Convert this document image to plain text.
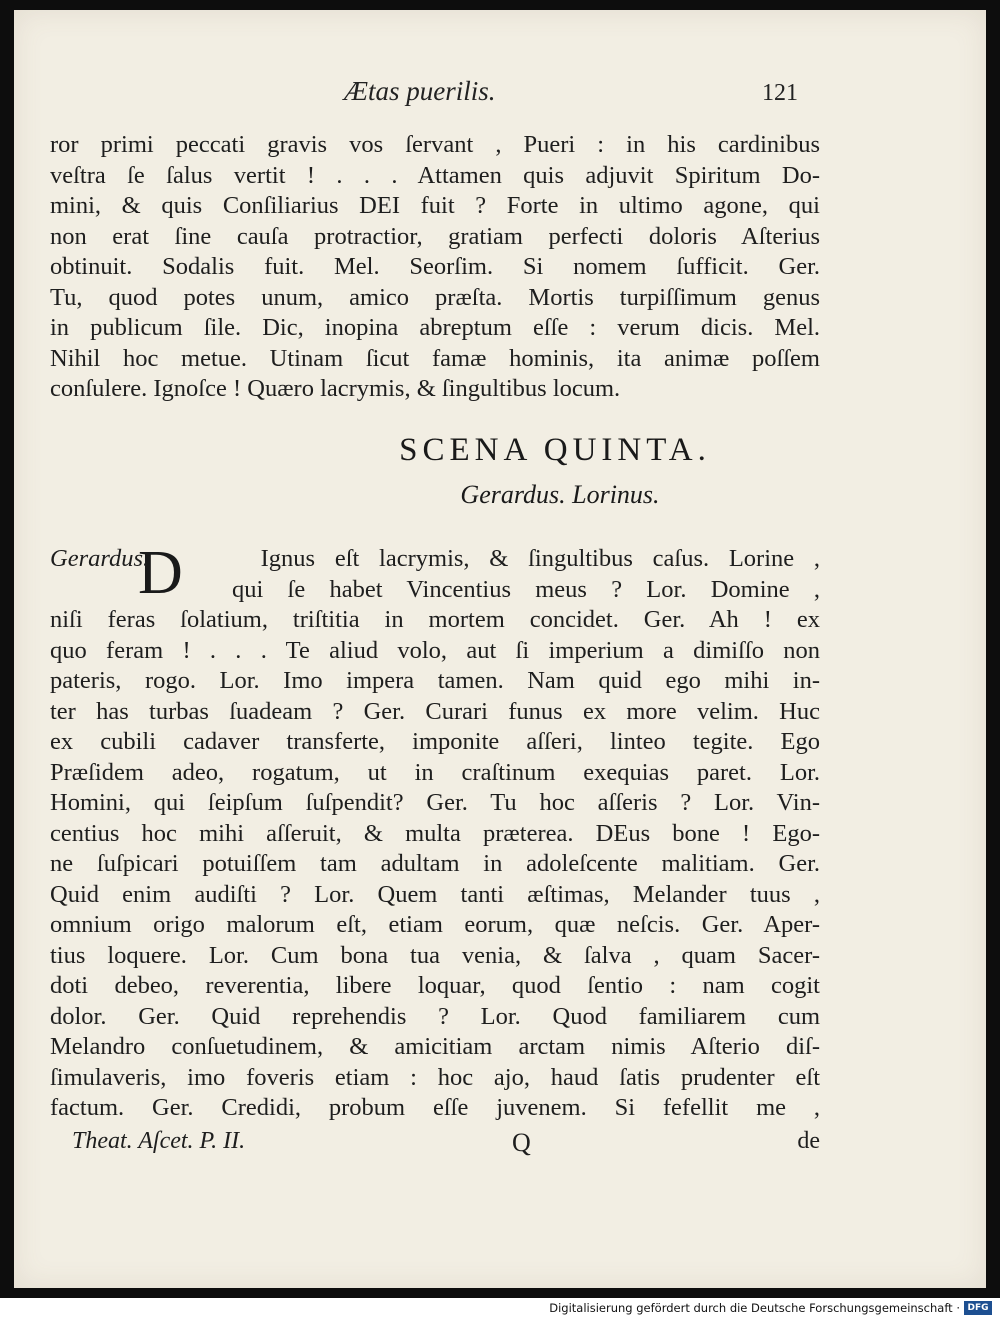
Ætas puerilis.	121
ror primi peccati gravis vos ſervant , Pueri : in his cardinibus
veſtra ſe ſalus vertit ! . . . Attamen quis adjuvit Spiritum Do-
mini, & quis Conſiliarius DEI fuit ? Forte in ultimo agone, qui
non erat ſine cauſa protractior, gratiam perfecti doloris Aſterius
obtinuit. Sodalis fuit. Mel. Seorſim. Si nomem ſufficit. Ger.
Tu, quod potes unum, amico præſta. Mortis turpiſſimum genus
in publicum ſile. Dic, inopina abreptum eſſe : verum dicis. Mel.
Nihil hoc metue. Utinam ſicut famæ hominis, ita animæ poſſem
conſulere. Ignoſce ! Quæro lacrymis, & ſingultibus locum.
SCENA QUINTA.
Gerardus. Lorinus.
D
Gerardus.	Ignus eſt lacrymis, & ſingultibus caſus. Lorine ,
qui ſe habet Vincentius meus ? Lor. Domine ,
niſi feras ſolatium, triſtitia in mortem concidet. Ger. Ah ! ex
quo feram ! . . . Te aliud volo, aut ſi imperium a dimiſſo non
pateris, rogo. Lor. Imo impera tamen. Nam quid ego mihi in-
ter has turbas ſuadeam ? Ger. Curari funus ex more velim. Huc
ex cubili cadaver transferte, imponite aſſeri, linteo tegite. Ego
Præſidem adeo, rogatum, ut in craſtinum exequias paret. Lor.
Homini, qui ſeipſum ſuſpendit? Ger. Tu hoc aſſeris ? Lor. Vin-
centius hoc mihi aſſeruit, & multa præterea. DEus bone ! Ego-
ne ſuſpicari potuiſſem tam adultam in adoleſcente malitiam. Ger.
Quid enim audiſti ? Lor. Quem tanti æſtimas, Melander tuus ,
omnium origo malorum eſt, etiam eorum, quæ neſcis. Ger. Aper-
tius loquere. Lor. Cum bona tua venia, & ſalva , quam Sacer-
doti debeo, reverentia, libere loquar, quod ſentio : nam cogit
dolor. Ger. Quid reprehendis ? Lor. Quod familiarem cum
Melandro conſuetudinem, & amicitiam arctam nimis Aſterio diſ-
ſimulaveris, imo foveris etiam : hoc ajo, haud ſatis prudenter eſt
factum. Ger. Credidi, probum eſſe juvenem. Si fefellit me ,
Theat. Aſcet. P. II.	Q	de
Digitalisierung gefördert durch die Deutsche Forschungsgemeinschaft · DFG
